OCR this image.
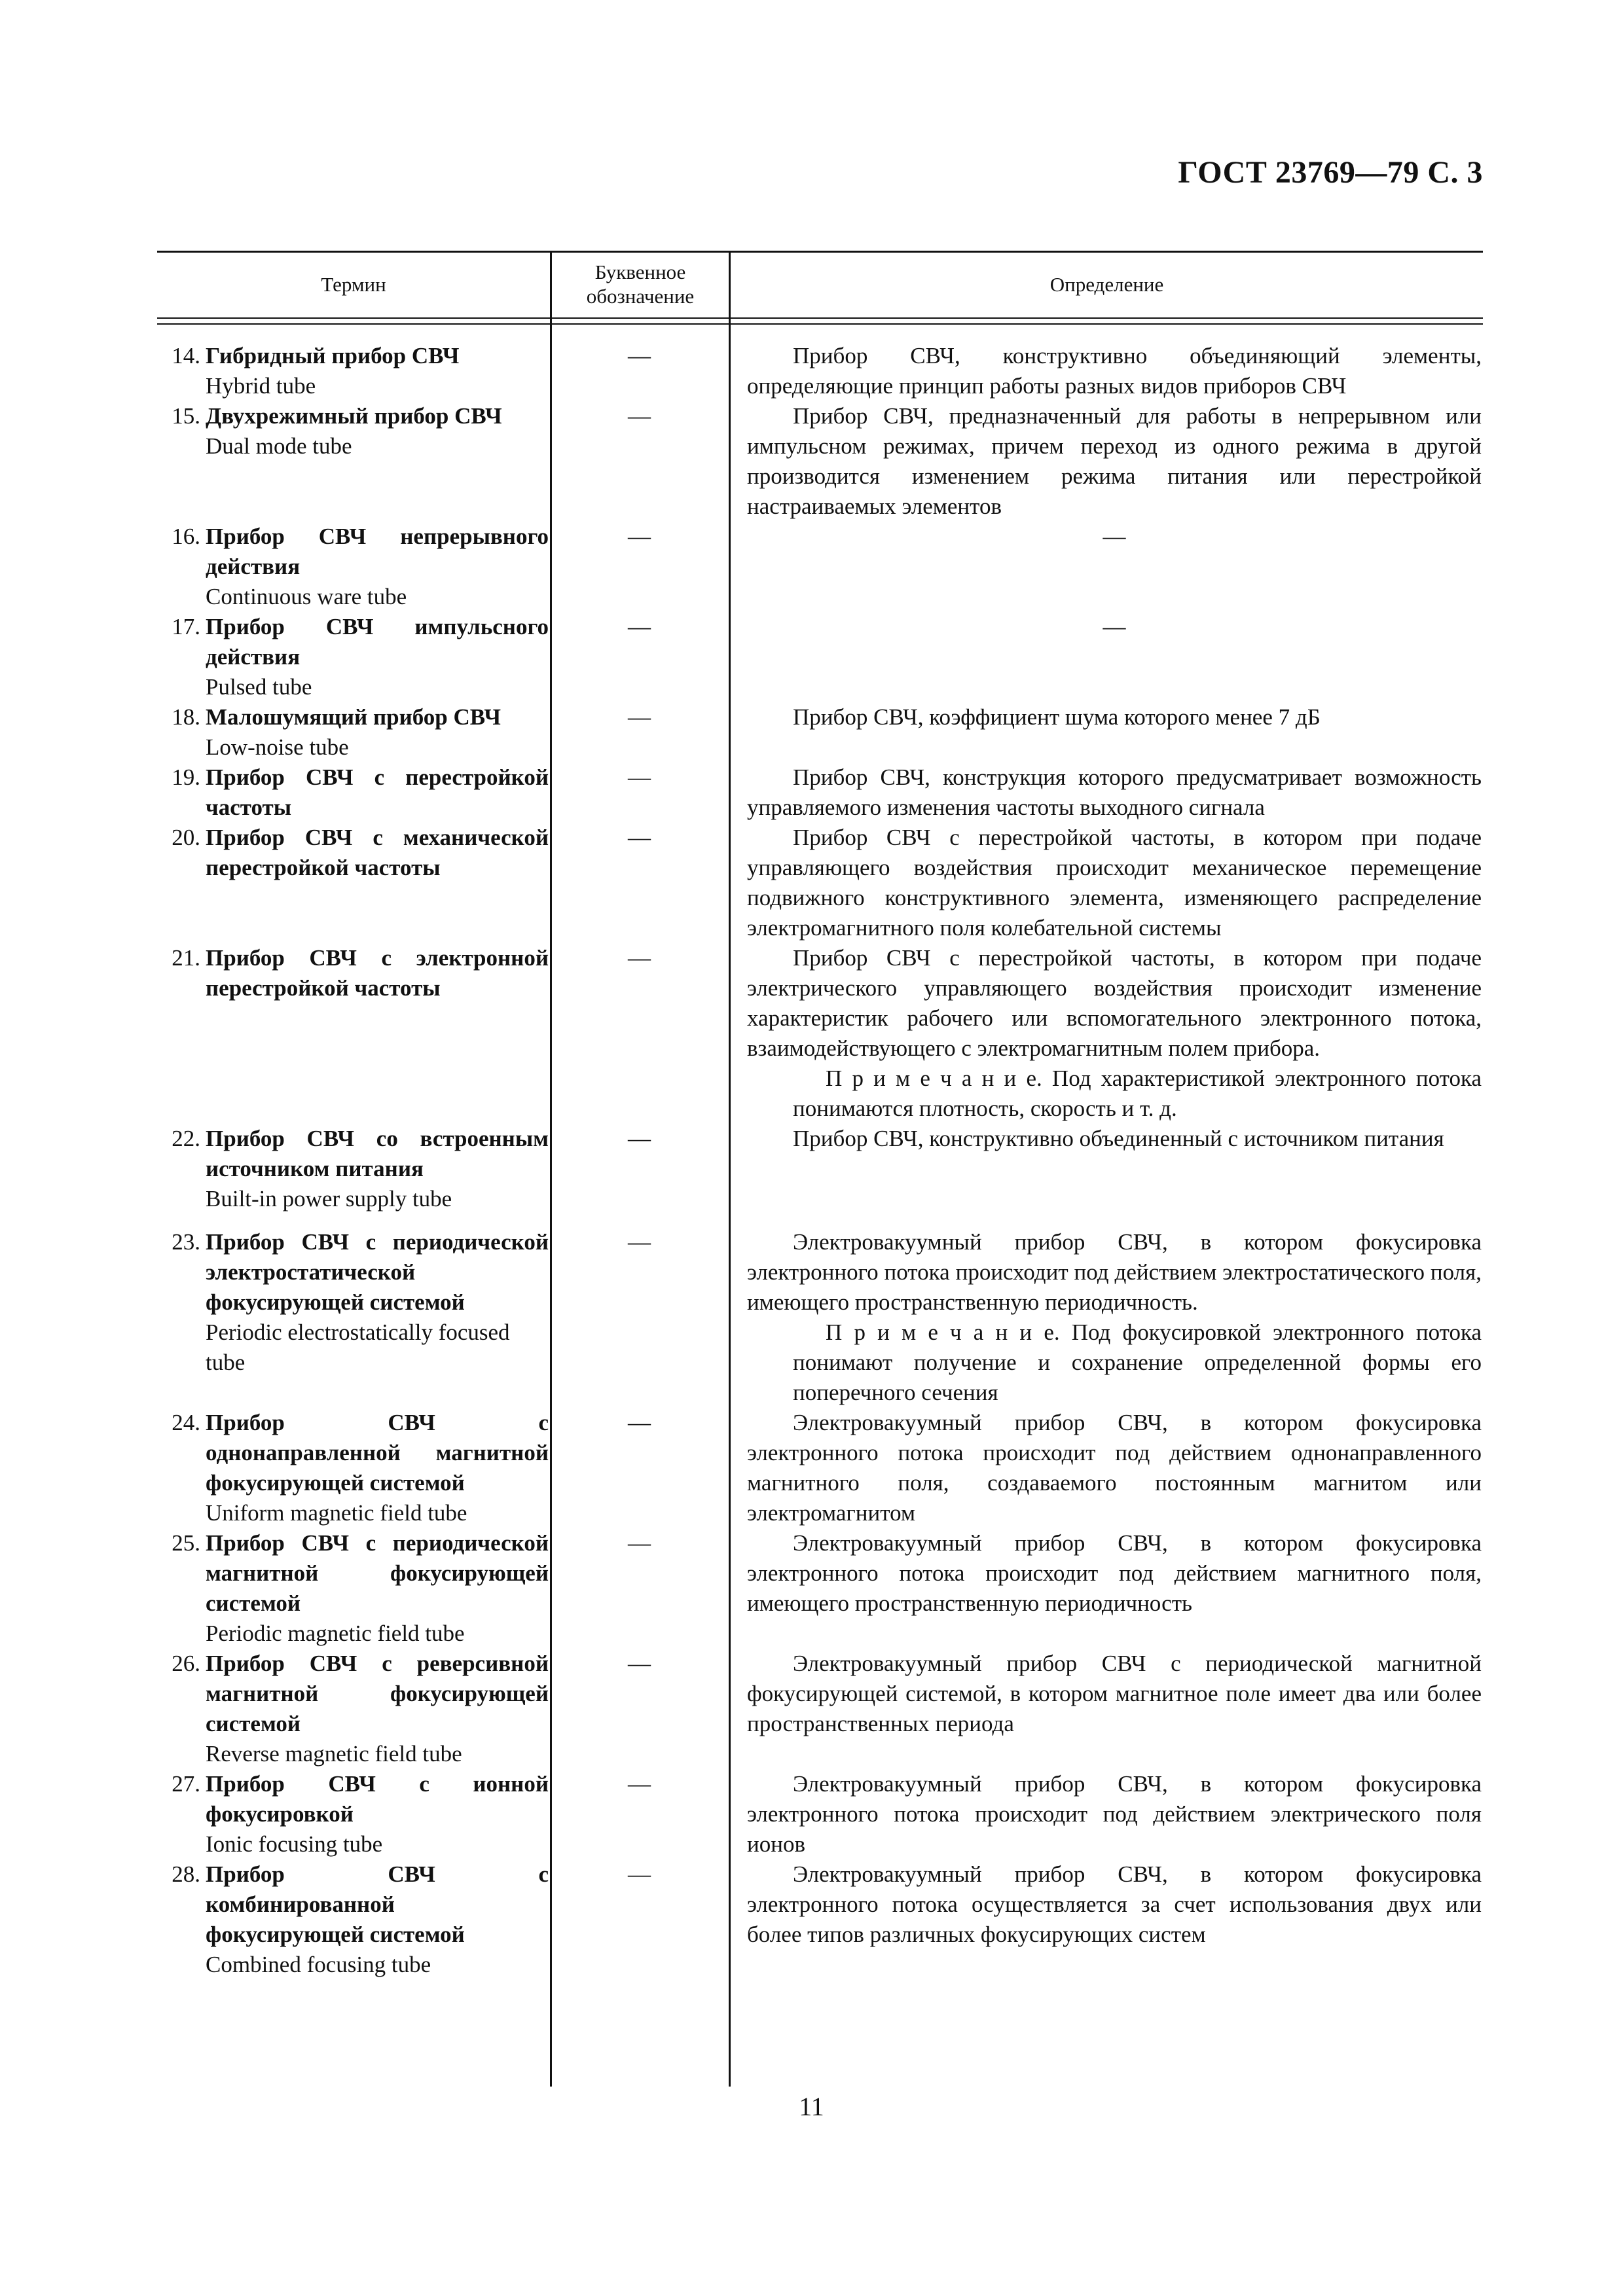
ГОСТ 23769—79 С. 3
Термин
Буквенное обозначение
Определение
14. Гибридный прибор СВЧ
Hybrid tube
—	Прибор СВЧ, конструктивно объединяющий элементы, определяющие принцип работы разных видов приборов СВЧ
15. Двухрежимный прибор СВЧ
Dual mode tube
—	Прибор СВЧ, предназначенный для работы в непрерывном или импульсном режимах, причем переход из одного режима в другой производится изменением режима питания или перестройкой настраиваемых элементов
16. Прибор СВЧ непрерывного действия
Continuous ware tube
—	—
17. Прибор СВЧ импульсного действия
Pulsed tube
—	—
18. Малошумящий прибор СВЧ
Low-noise tube
—	Прибор СВЧ, коэффициент шума которого менее 7 дБ
19. Прибор СВЧ с перестройкой частоты
—	Прибор СВЧ, конструкция которого предусматривает возможность управляемого изменения частоты выходного сигнала
20. Прибор СВЧ с механической перестройкой частоты
—	Прибор СВЧ с перестройкой частоты, в котором при подаче управляющего воздействия происходит механическое перемещение подвижного конструктивного элемента, изменяющего распределение электромагнитного поля колебательной системы
21. Прибор СВЧ с электронной перестройкой частоты
—	Прибор СВЧ с перестройкой частоты, в котором при подаче электрического управляющего воздействия происходит изменение характеристик рабочего или вспомогательного электронного потока, взаимодействующего с электромагнитным полем прибора.
П р и м е ч а н и е. Под характеристикой электронного потока понимаются плотность, скорость и т. д.
22. Прибор СВЧ со встроенным источником питания
Built-in power supply tube
—	Прибор СВЧ, конструктивно объединенный с источником питания
23. Прибор СВЧ с периодической электростатической фокусирующей системой
Periodic electrostatically focused tube
—	Электровакуумный прибор СВЧ, в котором фокусировка электронного потока происходит под действием электростатического поля, имеющего пространственную периодичность.
П р и м е ч а н и е. Под фокусировкой электронного потока понимают получение и сохранение определенной формы его поперечного сечения
24. Прибор СВЧ с однонаправленной магнитной фокусирующей системой
Uniform magnetic field tube
—	Электровакуумный прибор СВЧ, в котором фокусировка электронного потока происходит под действием однонаправленного магнитного поля, создаваемого постоянным магнитом или электромагнитом
25. Прибор СВЧ с периодической магнитной фокусирующей системой
Periodic magnetic field tube
—	Электровакуумный прибор СВЧ, в котором фокусировка электронного потока происходит под действием магнитного поля, имеющего пространственную периодичность
26. Прибор СВЧ с реверсивной магнитной фокусирующей системой
Reverse magnetic field tube
—	Электровакуумный прибор СВЧ с периодической магнитной фокусирующей системой, в котором магнитное поле имеет два или более пространственных периода
27. Прибор СВЧ с ионной фокусировкой
Ionic focusing tube
—	Электровакуумный прибор СВЧ, в котором фокусировка электронного потока происходит под действием электрического поля ионов
28. Прибор СВЧ с комбинированной фокусирующей системой
Combined focusing tube
—	Электровакуумный прибор СВЧ, в котором фокусировка электронного потока осуществляется за счет использования двух или более типов различных фокусирующих систем
11
